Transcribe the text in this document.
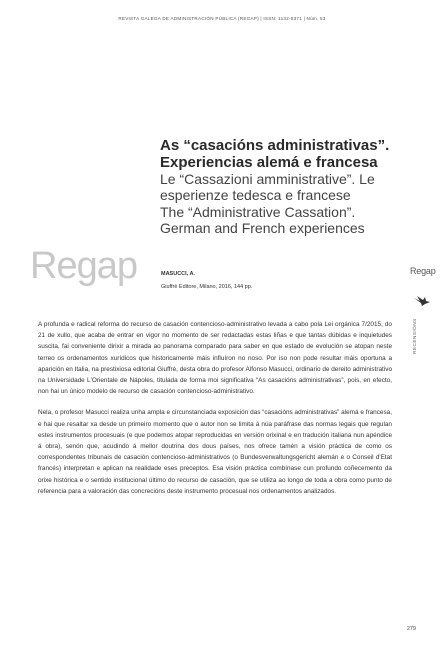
REVISTA GALEGA DE ADMINISTRACIÓN PÚBLICA (REGAP) | ISSN: 1132-8371 | Núm. 53
As “casacións administrativas”.
Experiencias alemá e francesa
Le “Cassazioni amministrative”. Le
esperienze tedesca e francese
The “Administrative Cassation”.
German and French experiences
Regap	MASUCCI, A.
Giuffrè Editore, Milano, 2016, 144 pp.
Regap
RECENSIÓNS

A profunda e radical reforma do recurso de casación contencioso-administrativo levada a cabo pola Lei orgánica 7/2015, do 21 de xullo, que acaba de entrar en vigor no momento de ser redactadas estas liñas e que tantas dúbidas e inquietudes suscita, fai conveniente dirixir a mirada ao panorama comparado para saber en que estado de evolución se atopan neste terreo os ordenamentos xurídicos que historicamente máis influíron no noso. Por iso non pode resultar máis oportuna a aparición en Italia, na prestixiosa editorial Giuffrè, desta obra do profesor Alfonso Masucci, ordinario de dereito administrativo na Universidade L'Orientale de Nápoles, titulada de forma moi significativa “As casacións administrativas”, pois, en efecto, non hai un único modelo de recurso de casación contencioso-administrativo.

Nela, o profesor Masucci realiza unha ampla e circunstanciada exposición das “casacións administrativas” alemá e francesa, e hai que resaltar xa desde un primeiro momento que o autor non se limita á núa paráfrase das normas legais que regulan estes instrumentos procesuais (e que podemos atopar reproducidas en versión orixinal e en tradución italiana nun apéndice á obra), senón que, acudindo á mellor doutrina dos dous países, nos ofrece tamén a visión práctica de como os correspondentes tribunais de casación contencioso-administrativos (o Bundesverwaltungsgericht alemán e o Conseil d'Etat francés) interpretan e aplican na realidade eses preceptos. Esa visión práctica combínase cun profundo coñecemento da orixe histórica e o sentido institucional último do recurso de casación, que se utiliza ao longo de toda a obra como punto de referencia para a valoración das concrecións deste instrumento procesual nos ordenamentos analizados.

279
